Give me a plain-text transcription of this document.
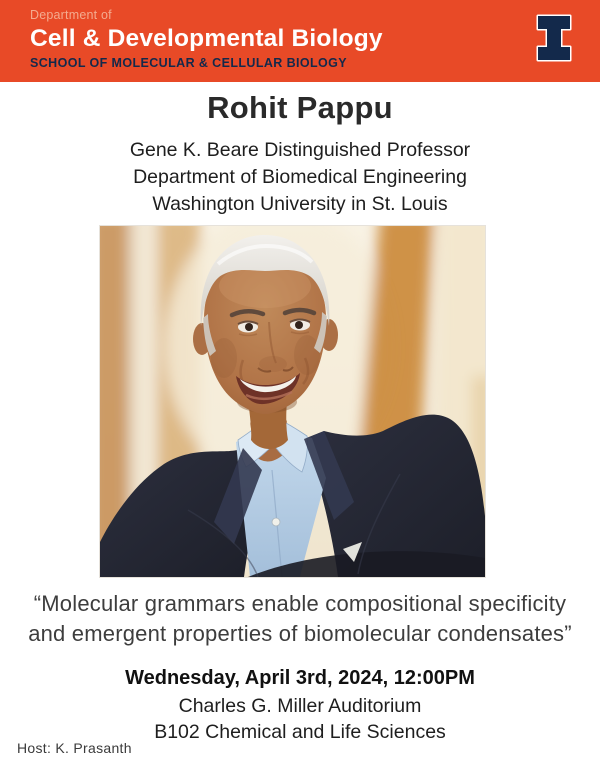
Department of
Cell & Developmental Biology
SCHOOL OF MOLECULAR & CELLULAR BIOLOGY
Rohit Pappu
Gene K. Beare Distinguished Professor
Department of Biomedical Engineering
Washington University in St. Louis
“Molecular grammars enable compositional specificity
and emergent properties of biomolecular condensates”
Wednesday, April 3rd, 2024, 12:00PM
Charles G. Miller Auditorium
B102 Chemical and Life Sciences
Host: K. Prasanth
